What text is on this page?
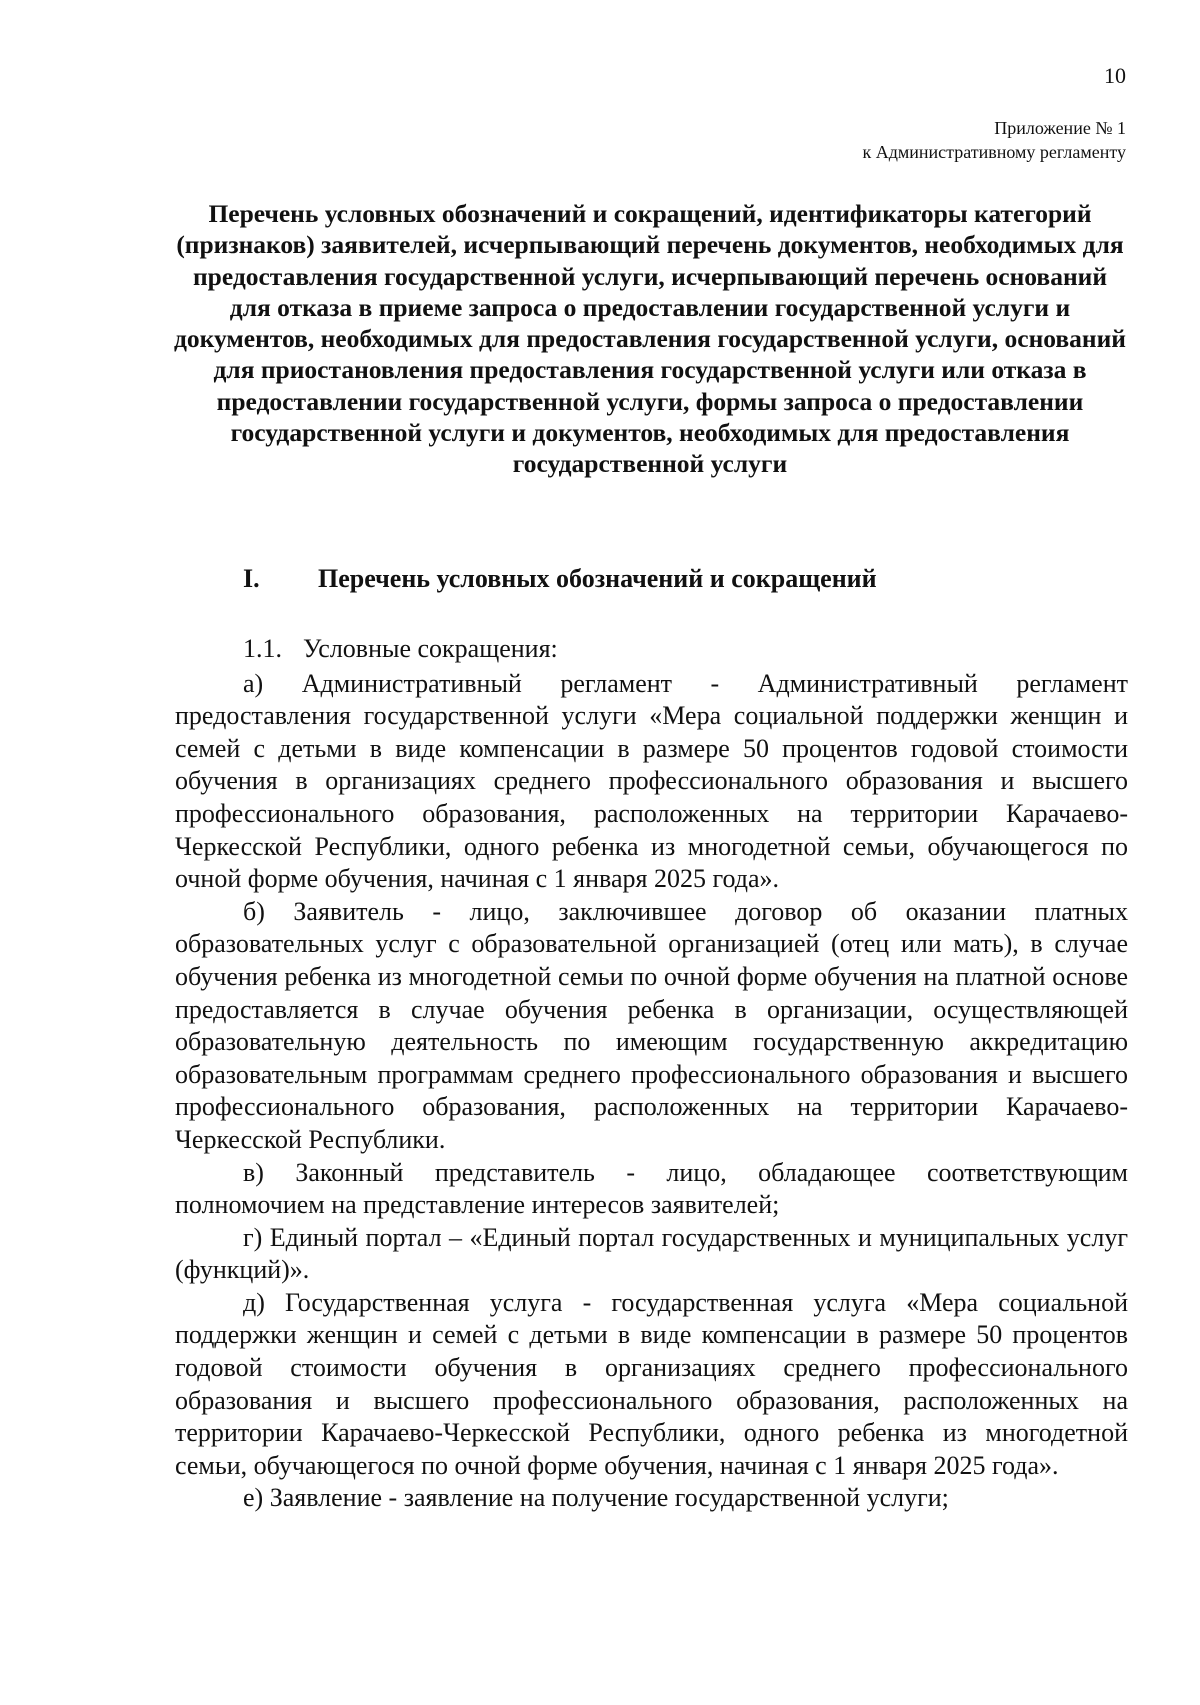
10
Приложение № 1
к Административному регламенту
Перечень условных обозначений и сокращений, идентификаторы категорий (признаков) заявителей, исчерпывающий перечень документов, необходимых для предоставления государственной услуги, исчерпывающий перечень оснований для отказа в приеме запроса о предоставлении государственной услуги и документов, необходимых для предоставления государственной услуги, оснований для приостановления предоставления государственной услуги или отказа в предоставлении государственной услуги, формы запроса о предоставлении государственной услуги и документов, необходимых для предоставления государственной услуги
I. Перечень условных обозначений и сокращений
1.1. Условные сокращения:

а) Административный регламент - Административный регламент предоставления государственной услуги «Мера социальной поддержки женщин и семей с детьми в виде компенсации в размере 50 процентов годовой стоимости обучения в организациях среднего профессионального образования и высшего профессионального образования, расположенных на территории Карачаево-Черкесской Республики, одного ребенка из многодетной семьи, обучающегося по очной форме обучения, начиная с 1 января 2025 года».

б) Заявитель - лицо, заключившее договор об оказании платных образовательных услуг с образовательной организацией (отец или мать), в случае обучения ребенка из многодетной семьи по очной форме обучения на платной основе предоставляется в случае обучения ребенка в организации, осуществляющей образовательную деятельность по имеющим государственную аккредитацию образовательным программам среднего профессионального образования и высшего профессионального образования, расположенных на территории Карачаево-Черкесской Республики.

в) Законный представитель - лицо, обладающее соответствующим полномочием на представление интересов заявителей;

г) Единый портал – «Единый портал государственных и муниципальных услуг (функций)».

д) Государственная услуга - государственная услуга «Мера социальной поддержки женщин и семей с детьми в виде компенсации в размере 50 процентов годовой стоимости обучения в организациях среднего профессионального образования и высшего профессионального образования, расположенных на территории Карачаево-Черкесской Республики, одного ребенка из многодетной семьи, обучающегося по очной форме обучения, начиная с 1 января 2025 года».

е) Заявление - заявление на получение государственной услуги;
